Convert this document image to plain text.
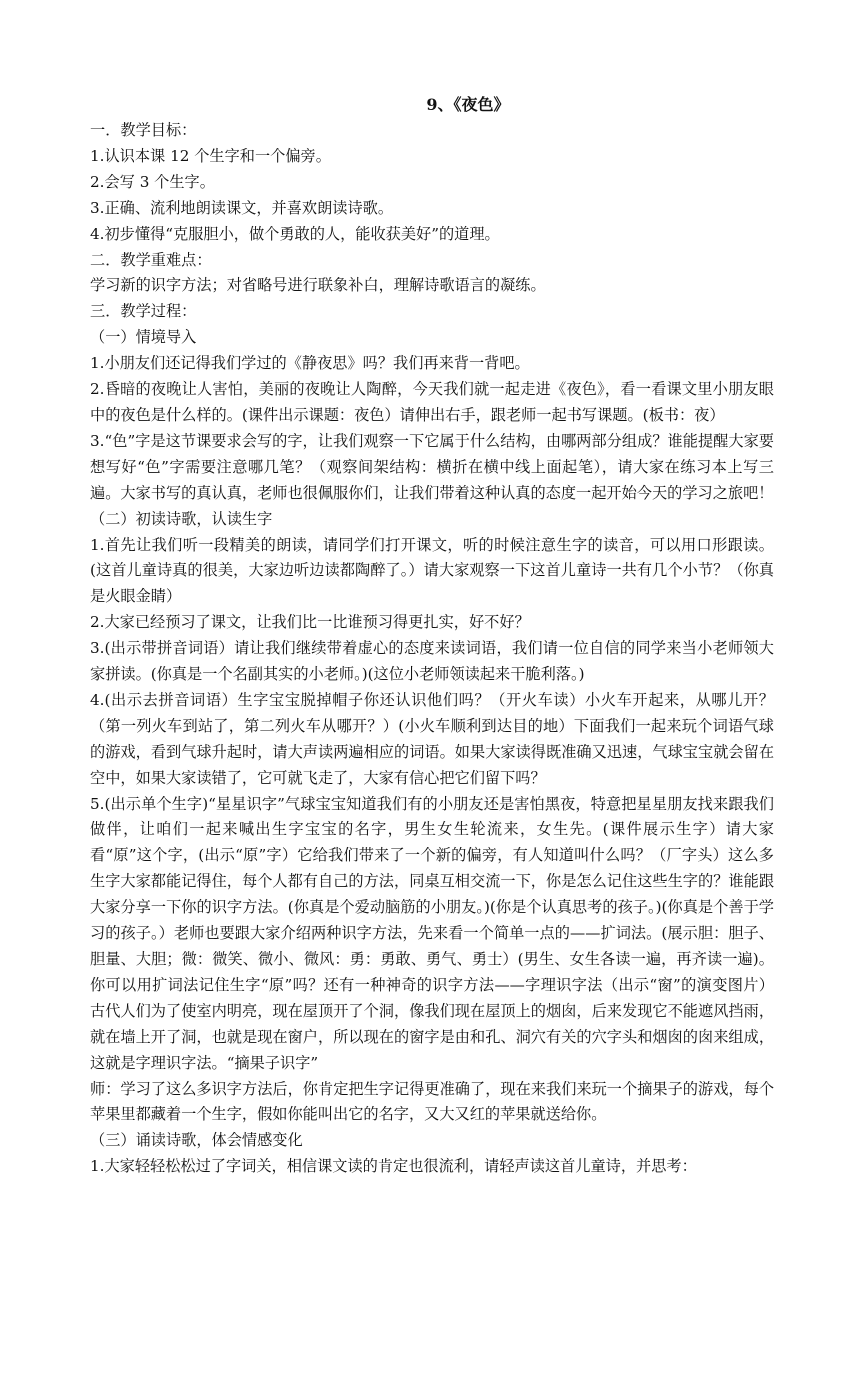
9、《夜色》

一．教学目标：

1.认识本课 12 个生字和一个偏旁。

2.会写 3 个生字。

3.正确、流利地朗读课文，并喜欢朗读诗歌。

4.初步懂得“克服胆小，做个勇敢的人，能收获美好”的道理。

二．教学重难点：

学习新的识字方法；对省略号进行联象补白，理解诗歌语言的凝练。

三．教学过程：

（一）情境导入

1.小朋友们还记得我们学过的《静夜思》吗？我们再来背一背吧。

2.昏暗的夜晚让人害怕，美丽的夜晚让人陶醉，今天我们就一起走进《夜色》，看一看课文里小朋友眼中的夜色是什么样的。(课件出示课题：夜色）请伸出右手，跟老师一起书写课题。(板书：夜）

3.“色”字是这节课要求会写的字，让我们观察一下它属于什么结构，由哪两部分组成？谁能提醒大家要想写好“色”字需要注意哪几笔？（观察间架结构：横折在横中线上面起笔），请大家在练习本上写三遍。大家书写的真认真，老师也很佩服你们，让我们带着这种认真的态度一起开始今天的学习之旅吧！

（二）初读诗歌，认读生字

1.首先让我们听一段精美的朗读，请同学们打开课文，听的时候注意生字的读音，可以用口形跟读。(这首儿童诗真的很美，大家边听边读都陶醉了。）请大家观察一下这首儿童诗一共有几个小节？（你真是火眼金睛）

2.大家已经预习了课文，让我们比一比谁预习得更扎实，好不好？

3.(出示带拼音词语）请让我们继续带着虚心的态度来读词语，我们请一位自信的同学来当小老师领大家拼读。(你真是一个名副其实的小老师。)(这位小老师领读起来干脆利落。)

4.(出示去拼音词语）生字宝宝脱掉帽子你还认识他们吗？（开火车读）小火车开起来，从哪儿开？（第一列火车到站了，第二列火车从哪开？）(小火车顺利到达目的地）下面我们一起来玩个词语气球的游戏，看到气球升起时，请大声读两遍相应的词语。如果大家读得既准确又迅速，气球宝宝就会留在空中，如果大家读错了，它可就飞走了，大家有信心把它们留下吗？

5.(出示单个生字)“星星识字”气球宝宝知道我们有的小朋友还是害怕黑夜，特意把星星朋友找来跟我们做伴，让咱们一起来喊出生字宝宝的名字，男生女生轮流来，女生先。(课件展示生字）请大家看“原”这个字，(出示“原”字）它给我们带来了一个新的偏旁，有人知道叫什么吗？（厂字头）这么多生字大家都能记得住，每个人都有自己的方法，同桌互相交流一下，你是怎么记住这些生字的？谁能跟大家分享一下你的识字方法。(你真是个爱动脑筋的小朋友。)(你是个认真思考的孩子。)(你真是个善于学习的孩子。）老师也要跟大家介绍两种识字方法，先来看一个简单一点的——扩词法。(展示胆：胆子、胆量、大胆；微：微笑、微小、微风：勇：勇敢、勇气、勇士）(男生、女生各读一遍，再齐读一遍)。你可以用扩词法记住生字“原”吗？还有一种神奇的识字方法——字理识字法（出示“窗”的演变图片）古代人们为了使室内明亮，现在屋顶开了个洞，像我们现在屋顶上的烟囱，后来发现它不能遮风挡雨，就在墙上开了洞，也就是现在窗户，所以现在的窗字是由和孔、洞穴有关的穴字头和烟囱的囱来组成，这就是字理识字法。“摘果子识字”

师：学习了这么多识字方法后，你肯定把生字记得更准确了，现在来我们来玩一个摘果子的游戏，每个苹果里都藏着一个生字，假如你能叫出它的名字，又大又红的苹果就送给你。

（三）诵读诗歌，体会情感变化

1.大家轻轻松松过了字词关，相信课文读的肯定也很流利，请轻声读这首儿童诗，并思考：
